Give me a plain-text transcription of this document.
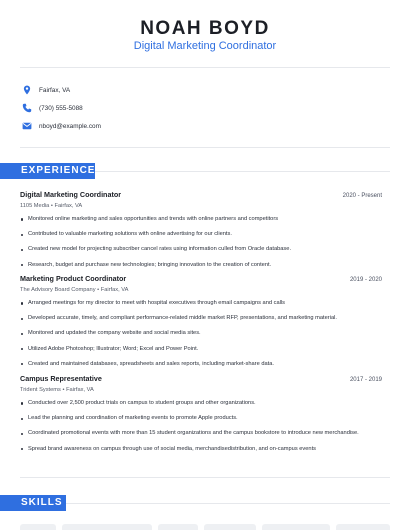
NOAH BOYD
Digital Marketing Coordinator
Fairfax, VA
(730) 555-5088
nboyd@example.com
EXPERIENCE
Digital Marketing Coordinator	2020 - Present
1105 Media • Fairfax, VA
Monitored online marketing and sales opportunities and trends with online partners and competitors
Contributed to valuable marketing solutions with online advertising for our clients.
Created new model for projecting subscriber cancel rates using information culled from Oracle database.
Research, budget and purchase new technologies; bringing innovation to the creation of content.
Marketing Product Coordinator	2019 - 2020
The Advisory Board Company • Fairfax, VA
Arranged meetings for my director to meet with hospital executives through email campaigns and calls
Developed accurate, timely, and compliant performance-related middle market RFP, presentations, and marketing material.
Monitored and updated the company website and social media sites.
Utilized Adobe Photoshop; Illustrator; Word; Excel and Power Point.
Created and maintained databases, spreadsheets and sales reports, including market-share data.
Campus Representative	2017 - 2019
Trident Systems • Fairfax, VA
Conducted over 2,500 product trials on campus to student groups and other organizations.
Lead the planning and coordination of marketing events to promote Apple products.
Coordinated promotional events with more than 15 student organizations and the campus bookstore to introduce new merchandise.
Spread brand awareness on campus through use of social media, merchandisedistribution, and on-campus events
SKILLS
